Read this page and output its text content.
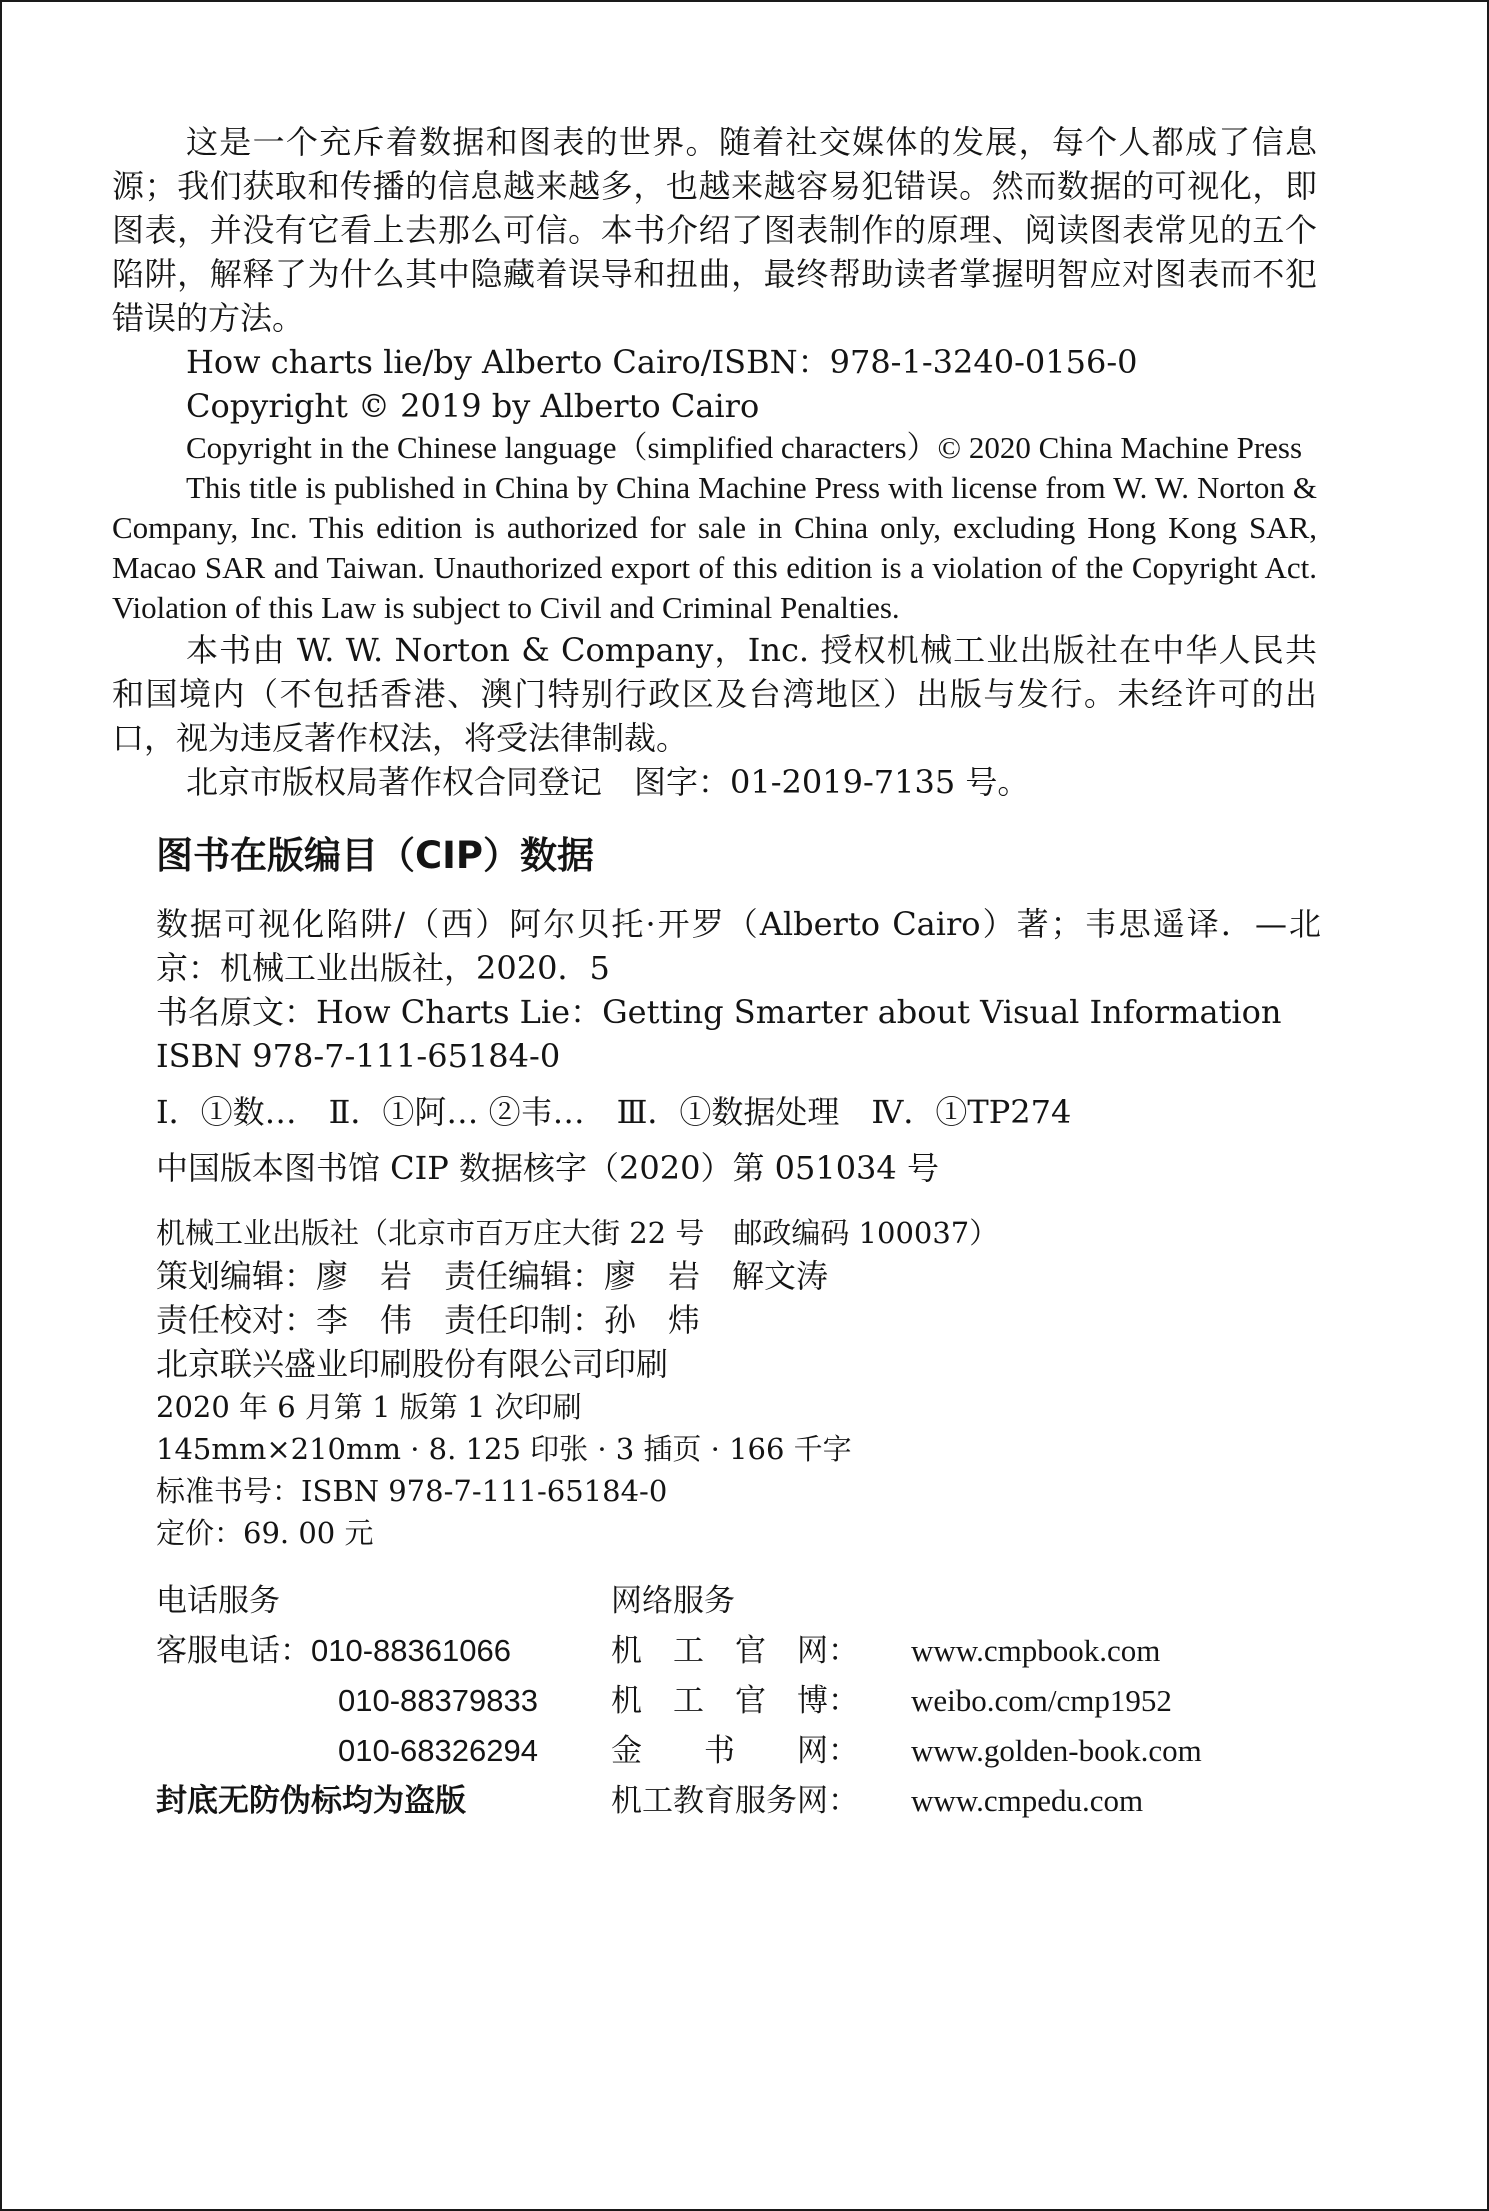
这是一个充斥着数据和图表的世界。随着社交媒体的发展，每个人都成了信息源；我们获取和传播的信息越来越多，也越来越容易犯错误。然而数据的可视化，即图表，并没有它看上去那么可信。本书介绍了图表制作的原理、阅读图表常见的五个陷阱，解释了为什么其中隐藏着误导和扭曲，最终帮助读者掌握明智应对图表而不犯错误的方法。

How charts lie/by Alberto Cairo/ISBN：978-1-3240-0156-0

Copyright © 2019 by Alberto Cairo

Copyright in the Chinese language（simplified characters）© 2020 China Machine Press

This title is published in China by China Machine Press with license from W. W. Norton & Company, Inc. This edition is authorized for sale in China only, excluding Hong Kong SAR, Macao SAR and Taiwan. Unauthorized export of this edition is a violation of the Copyright Act. Violation of this Law is subject to Civil and Criminal Penalties.

本书由 W. W. Norton & Company，Inc. 授权机械工业出版社在中华人民共和国境内（不包括香港、澳门特别行政区及台湾地区）出版与发行。未经许可的出口，视为违反著作权法，将受法律制裁。

北京市版权局著作权合同登记　图字：01-2019-7135 号。

图书在版编目（CIP）数据

数据可视化陷阱/（西）阿尔贝托·开罗（Alberto Cairo）著；韦思遥译．—北京：机械工业出版社，2020．5

书名原文：How Charts Lie：Getting Smarter about Visual Information

ISBN 978-7-111-65184-0

Ⅰ．①数…　Ⅱ．①阿… ②韦…　Ⅲ．①数据处理　Ⅳ．①TP274

中国版本图书馆 CIP 数据核字（2020）第 051034 号

机械工业出版社（北京市百万庄大街 22 号　邮政编码 100037）

策划编辑：廖　岩　责任编辑：廖　岩　解文涛

责任校对：李　伟　责任印制：孙　炜

北京联兴盛业印刷股份有限公司印刷

2020 年 6 月第 1 版第 1 次印刷

145mm×210mm · 8. 125 印张 · 3 插页 · 166 千字

标准书号：ISBN 978-7-111-65184-0

定价：69. 00 元

电话服务	网络服务
客服电话：010-88361066	机　工　官　网： www.cmpbook.com
010-88379833	机　工　官　博： weibo.com/cmp1952
010-68326294	金　　书　　网： www.golden-book.com
封底无防伪标均为盗版	机工教育服务网： www.cmpedu.com
